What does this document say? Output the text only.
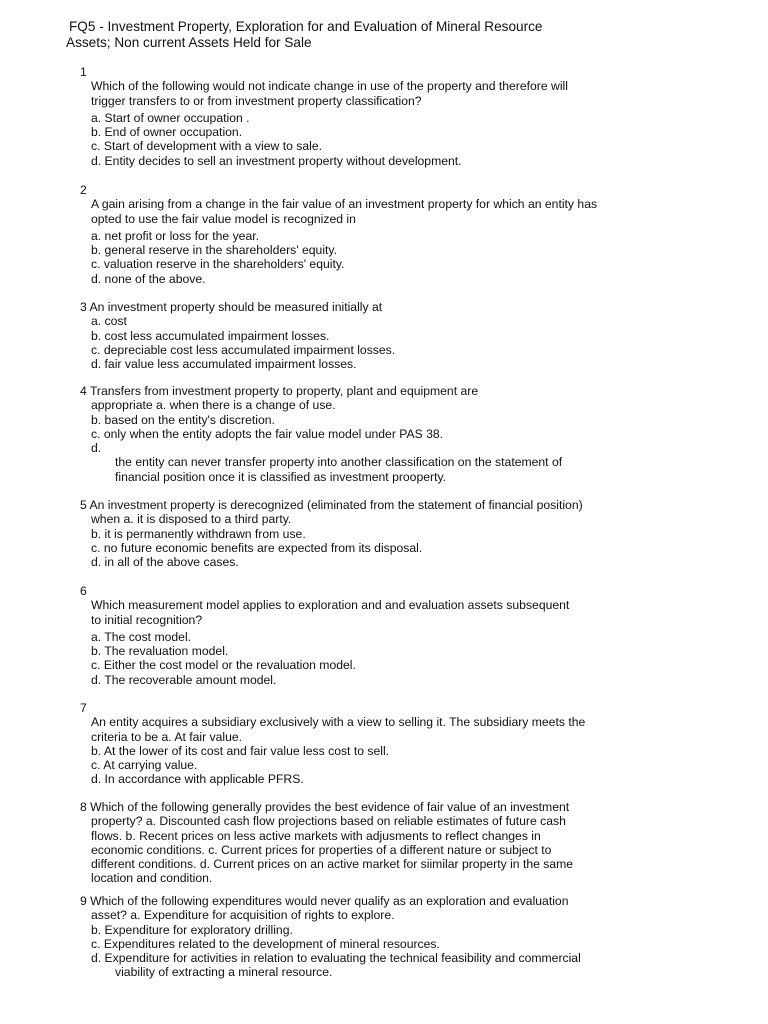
FQ5 - Investment Property, Exploration for and Evaluation of Mineral Resource
Assets; Non current Assets Held for Sale
1
Which of the following would not indicate change in use of the property and therefore will
trigger transfers to or from investment property classification?
a. Start of owner occupation .
b. End of owner occupation.
c. Start of development with a view to sale.
d. Entity decides to sell an investment property without development.
2
A gain arising from a change in the fair value of an investment property for which an entity has
opted to use the fair value model is recognized in
a. net profit or loss for the year.
b. general reserve in the shareholders' equity.
c. valuation reserve in the shareholders' equity.
d. none of the above.
3 An investment property should be measured initially at
a. cost
b. cost less accumulated impairment losses.
c. depreciable cost less accumulated impairment losses.
d. fair value less accumulated impairment losses.
4 Transfers from investment property to property, plant and equipment are
appropriate a. when there is a change of use.
b. based on the entity's discretion.
c. only when the entity adopts the fair value model under PAS 38.
d.
the entity can never transfer property into another classification on the statement of
financial position once it is classified as investment prooperty.
5 An investment property is derecognized (eliminated from the statement of financial position)
when a. it is disposed to a third party.
b. it is permanently withdrawn from use.
c. no future economic benefits are expected from its disposal.
d. in all of the above cases.
6
Which measurement model applies to exploration and and evaluation assets subsequent
to initial recognition?
a. The cost model.
b. The revaluation model.
c. Either the cost model or the revaluation model.
d. The recoverable amount model.
7
An entity acquires a subsidiary exclusively with a view to selling it. The subsidiary meets the
criteria to be a. At fair value.
b. At the lower of its cost and fair value less cost to sell.
c. At carrying value.
d. In accordance with applicable PFRS.
8 Which of the following generally provides the best evidence of fair value of an investment
property? a. Discounted cash flow projections based on reliable estimates of future cash
flows. b. Recent prices on less active markets with adjusments to reflect changes in
economic conditions. c. Current prices for properties of a different nature or subject to
different conditions. d. Current prices on an active market for siimilar property in the same
location and condition.
9 Which of the following expenditures would never qualify as an exploration and evaluation
asset? a. Expenditure for acquisition of rights to explore.
b. Expenditure for exploratory drilling.
c. Expenditures related to the development of mineral resources.
d. Expenditure for activities in relation to evaluating the technical feasibility and commercial
viability of extracting a mineral resource.
